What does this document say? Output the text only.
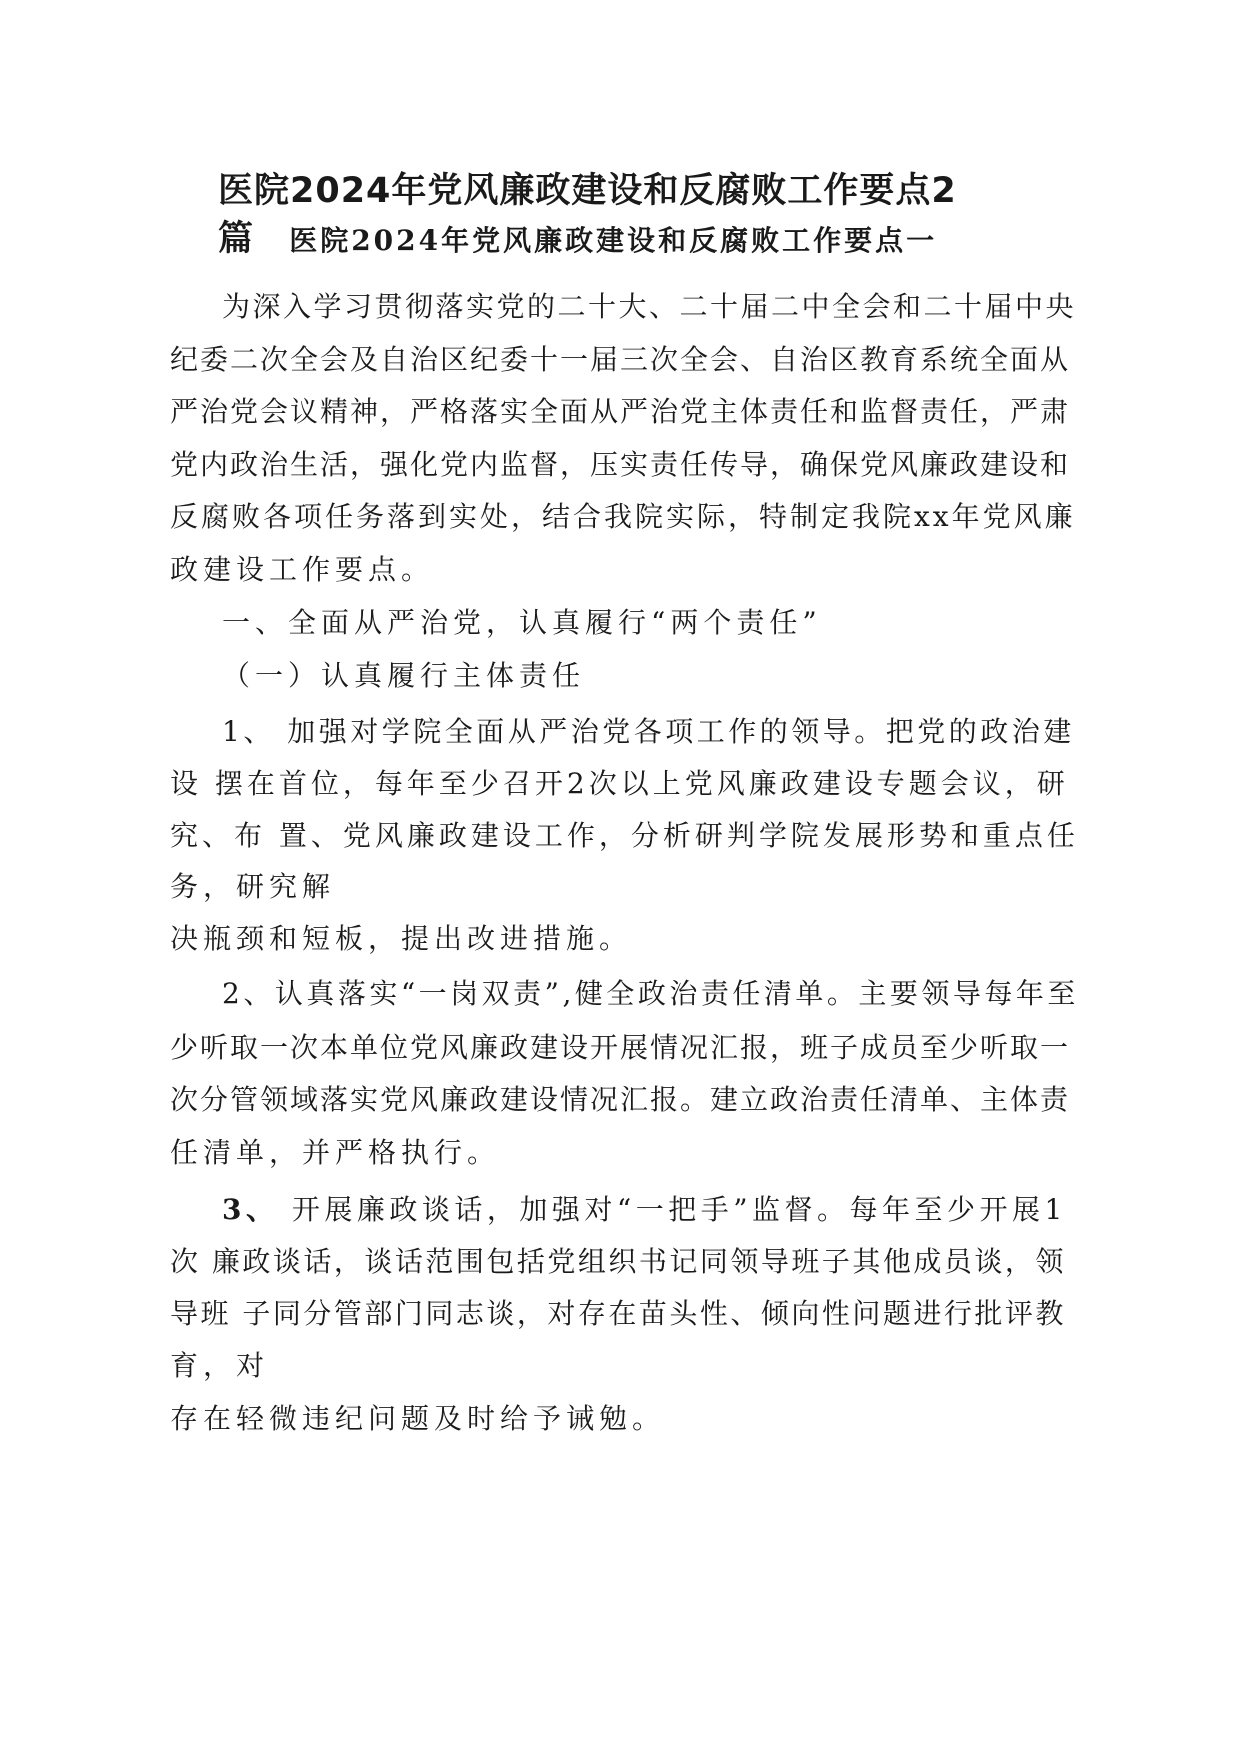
医院2024年党风廉政建设和反腐败工作要点2
篇 医院2024年党风廉政建设和反腐败工作要点一
为深入学习贯彻落实党的二十大、二十届二中全会和二十届中央
纪委二次全会及自治区纪委十一届三次全会、自治区教育系统全面从
严治党会议精神，严格落实全面从严治党主体责任和监督责任，严肃
党内政治生活，强化党内监督，压实责任传导，确保党风廉政建设和
反腐败各项任务落到实处，结合我院实际，特制定我院xx年党风廉
政建设工作要点。
一、全面从严治党，认真履行“两个责任”
（一）认真履行主体责任
1、 加强对学院全面从严治党各项工作的领导。把党的政治建
设 摆在首位，每年至少召开2次以上党风廉政建设专题会议，研
究、布 置、党风廉政建设工作，分析研判学院发展形势和重点任
务，研究解
决瓶颈和短板，提出改进措施。
2、认真落实“一岗双责”,健全政治责任清单。主要领导每年至
少听取一次本单位党风廉政建设开展情况汇报，班子成员至少听取一
次分管领域落实党风廉政建设情况汇报。建立政治责任清单、主体责
任清单，并严格执行。
3、 开展廉政谈话，加强对“一把手”监督。每年至少开展1
次 廉政谈话，谈话范围包括党组织书记同领导班子其他成员谈，领
导班 子同分管部门同志谈，对存在苗头性、倾向性问题进行批评教
育，对
存在轻微违纪问题及时给予诫勉。
